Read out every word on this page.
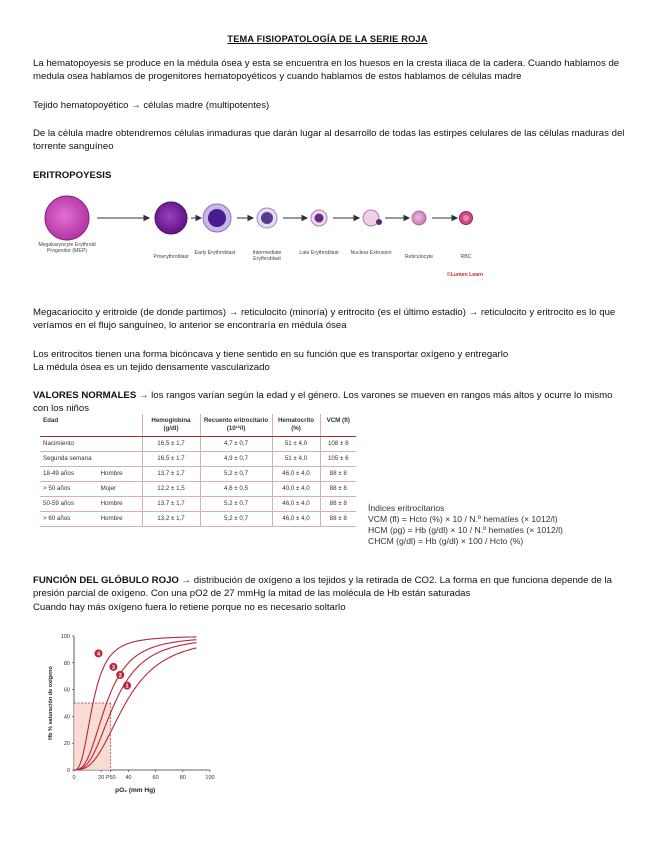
TEMA FISIOPATOLOGÍA DE LA SERIE ROJA
La hematopoyesis se produce en la médula ósea y esta se encuentra en los huesos en la cresta iliaca de la cadera. Cuando hablamos de medula osea hablamos de progenitores hematopoyéticos y cuando hablamos de estos hablamos de células madre
Tejido hematopoyético → células madre (multipotentes)
De la célula madre obtendremos células inmaduras que darán lugar al desarrollo de todas las estirpes celulares de las células maduras del torrente sanguíneo
ERITROPOYESIS
Megakaryocyte Erythroid Progenitor (MEP)
Proerythroblast
Early Erythroblast	Intermediate Erythroblast
Late Erythroblast	Nuclear Extrusion
Reticulocyte	RBC
©Lumen Learn
Megacariocito y eritroide (de donde partimos) → reticulocito (minoría) y eritrocito (es el último estadio) → reticulocito y eritrocito es lo que veríamos en el flujo sanguíneo, lo anterior se encontraría en médula ósea
Los eritrocitos tienen una forma bicóncava y tiene sentido en su función que es transportar oxígeno y entregarlo
La médula ósea es un tejido densamente vascularizado
VALORES NORMALES → los rangos varían según la edad y el género. Los varones se mueven en rangos más altos y ocurre lo mismo con los niños
Edad		Hemoglobina (g/dl)	Recuento eritrocitario (10¹²/l)	Hematocrito (%)	VCM (fl)
Nacimiento		16,5 ± 1,7	4,7 ± 0,7	51 ± 4,0	108 ± 8
Segunda semana		16,5 ± 1,7	4,9 ± 0,7	51 ± 4,0	105 ± 6
18-49 años	Hombre	13,7 ± 1,7	5,2 ± 0,7	46,0 ± 4,0	88 ± 8
> 50 años	Mujer	12,2 ± 1,5	4,6 ± 0,5	40,0 ± 4,0	88 ± 8
50-59 años	Hombre	13,7 ± 1,7	5,2 ± 0,7	46,0 ± 4,0	88 ± 8
> 60 años	Hombre	13,2 ± 1,7	5,2 ± 0,7	46,0 ± 4,0	88 ± 8
Índices eritrocitarios
VCM (fl) = Hcto (%) × 10 / N.º hematíes (× 1012/l)
HCM (pg) = Hb (g/dl) × 10 / N.º hematíes (× 1012/l)
CHCM (g/dl) = Hb (g/dl) × 100 / Hcto (%)
FUNCIÓN DEL GLÓBULO ROJO → distribución de oxígeno a los tejidos y la retirada de CO2. La forma en que funciona depende de la presión parcial de oxígeno. Con una pO2 de 27 mmHg la mitad de las molécula de Hb están saturadas
Cuando hay más oxígeno fuera lo retiene porque no es necesario soltarlo
0
20
40
60
80
100
0	20 P50 40	60	80	100
pO₂ (mm Hg)
Hb % saturación de oxígeno
4
3
2
1
